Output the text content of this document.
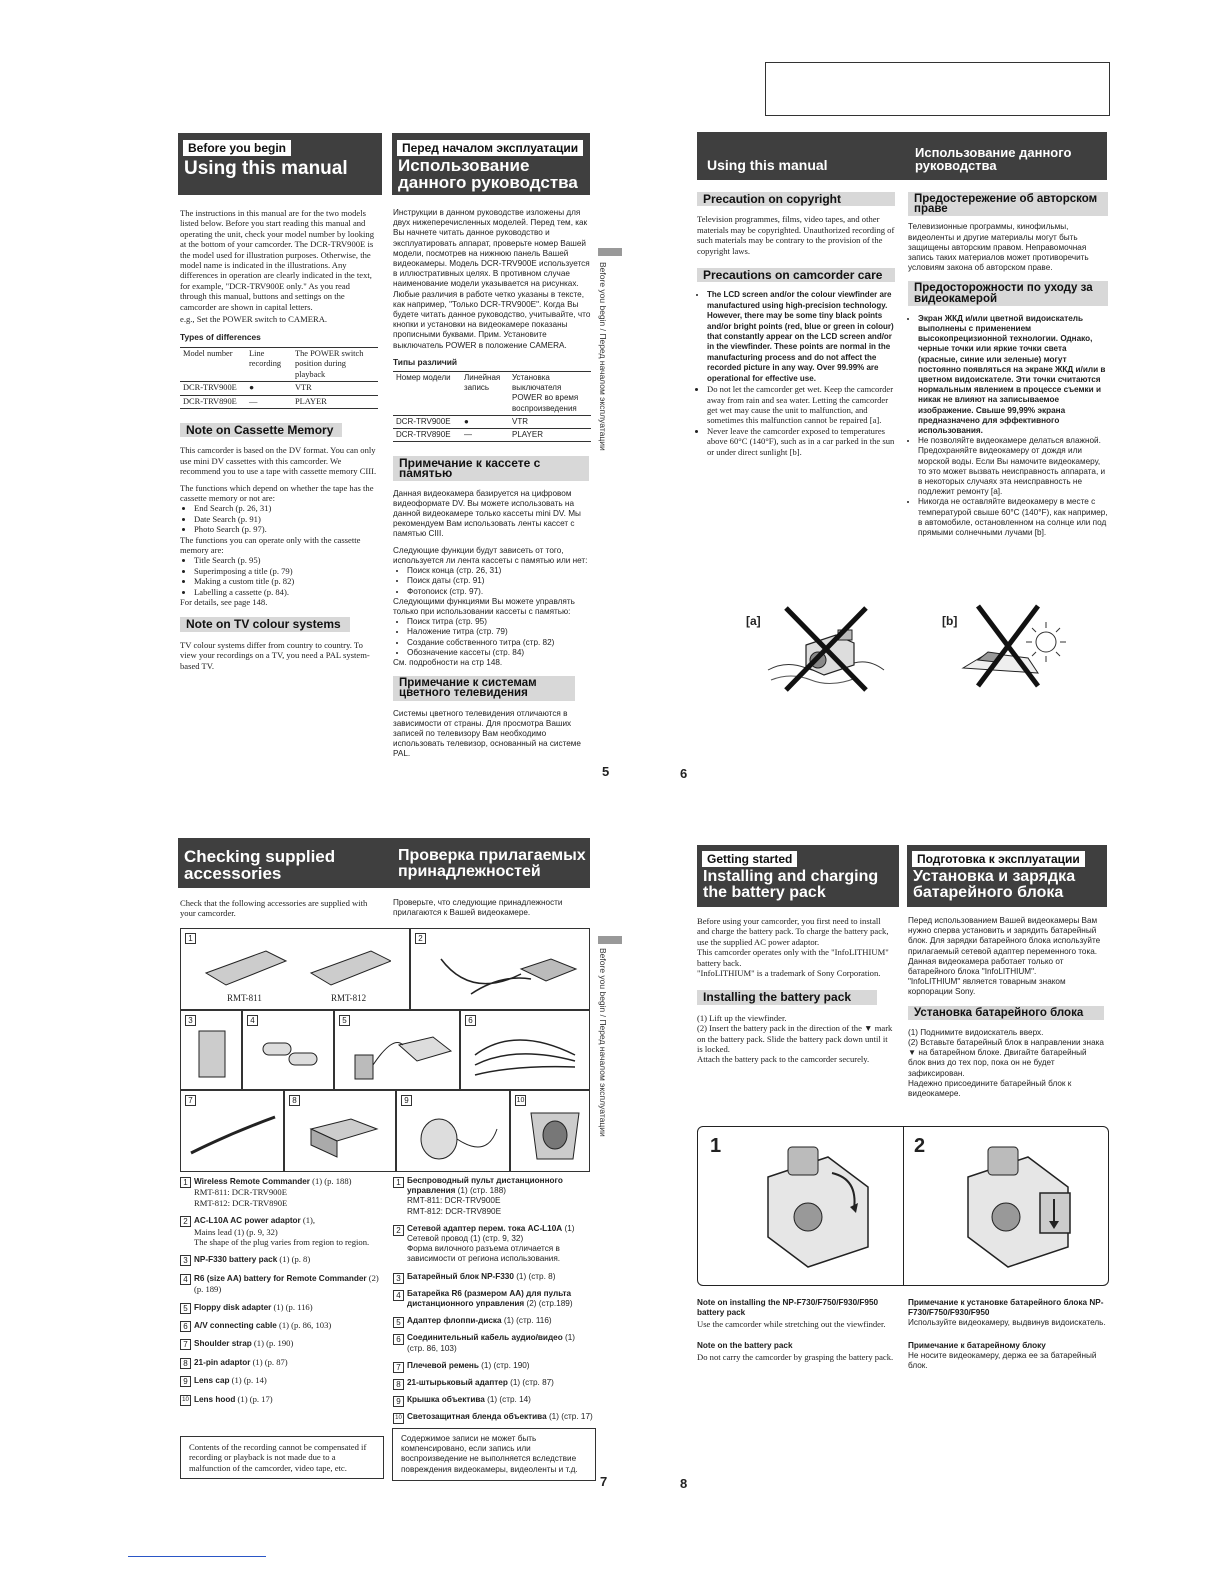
Before you begin
Using this manual
Перед началом эксплуатации
Использование данного руководства

The instructions in this manual are for the two models listed below. Before you start reading this manual and operating the unit, check your model number by looking at the bottom of your camcorder. The DCR-TRV900E is the model used for illustration purposes. Otherwise, the model name is indicated in the illustrations. Any differences in operation are clearly indicated in the text, for example, "DCR-TRV900E only." As you read through this manual, buttons and settings on the camcorder are shown in capital letters.

e.g., Set the POWER switch to CAMERA.

Types of differences
Model number	Line recording	The POWER switch position during playback
DCR-TRV900E	●	VTR
DCR-TRV890E	—	PLAYER
Note on Cassette Memory

This camcorder is based on the DV format. You can only use mini DV cassettes with this camcorder. We recommend you to use a tape with cassette memory CIII.

The functions which depend on whether the tape has the cassette memory or not are:

• End Search (p. 26, 31)
• Date Search (p. 91)
• Photo Search (p. 97).

The functions you can operate only with the cassette memory are:

• Title Search (p. 95)
• Superimposing a title (p. 79)
• Making a custom title (p. 82)
• Labelling a cassette (p. 84).

For details, see page 148.

Note on TV colour systems

TV colour systems differ from country to country. To view your recordings on a TV, you need a PAL system-based TV.

Инструкции в данном руководстве изложены для двух нижеперечисленных моделей. Перед тем, как Вы начнете читать данное руководство и эксплуатировать аппарат, проверьте номер Вашей модели, посмотрев на нижнюю панель Вашей видеокамеры. Модель DCR-TRV900E используется в иллюстративных целях. В противном случае наименование модели указывается на рисунках. Любые различия в работе четко указаны в тексте, как например, "Только DCR-TRV900E". Когда Вы будете читать данное руководство, учитывайте, что кнопки и установки на видеокамере показаны прописными буквами. Прим. Установите выключатель POWER в положение CAMERA.

Типы различий
Номер модели	Линейная запись	Установка выключателя POWER во время воспроизведения
DCR-TRV900E	●	VTR
DCR-TRV890E	—	PLAYER
Примечание к кассете с памятью

Данная видеокамера базируется на цифровом видеоформате DV. Вы можете использовать на данной видеокамере только кассеты mini DV. Мы рекомендуем Вам использовать ленты кассет с памятью CIII.

Следующие функции будут зависеть от того, используется ли лента кассеты с памятью или нет:

• Поиск конца (стр. 26, 31)
• Поиск даты (стр. 91)
• Фотопоиск (стр. 97).

Следующими функциями Вы можете управлять только при использовании кассеты с памятью:

• Поиск титра (стр. 95)
• Наложение титра (стр. 79)
• Создание собственного титра (стр. 82)
• Обозначение кассеты (стр. 84)

См. подробности на стр 148.

Примечание к системам цветного телевидения

Системы цветного телевидения отличаются в зависимости от страны. Для просмотра Ваших записей по телевизору Вам необходимо использовать телевизор, основанный на системе PAL.

Before you begin / Перед началом эксплуатации
5
Using this manual
Использование данного руководства
Precaution on copyright

Television programmes, films, video tapes, and other materials may be copyrighted. Unauthorized recording of such materials may be contrary to the provision of the copyright laws.

Precautions on camcorder care
• The LCD screen and/or the colour viewfinder are manufactured using high-precision technology. However, there may be some tiny black points and/or bright points (red, blue or green in colour) that constantly appear on the LCD screen and/or in the viewfinder. These points are normal in the manufacturing process and do not affect the recorded picture in any way. Over 99.99% are operational for effective use.
• Do not let the camcorder get wet. Keep the camcorder away from rain and sea water. Letting the camcorder get wet may cause the unit to malfunction, and sometimes this malfunction cannot be repaired [a].
• Never leave the camcorder exposed to temperatures above 60°C (140°F), such as in a car parked in the sun or under direct sunlight [b].
Предостережение об авторском праве

Телевизионные программы, кинофильмы, видеоленты и другие материалы могут быть защищены авторским правом. Неправомочная запись таких материалов может противоречить условиям закона об авторском праве.

Предосторожности по уходу за видеокамерой
• Экран ЖКД и/или цветной видоискатель выполнены с применением высокопрецизионной технологии. Однако, черные точки или яркие точки света (красные, синие или зеленые) могут постоянно появляться на экране ЖКД и/или в цветном видоискателе. Эти точки считаются нормальным явлением в процессе съемки и никак не влияют на записываемое изображение. Свыше 99,99% экрана предназначено для эффективного использования.
• Не позволяйте видеокамере делаться влажной. Предохраняйте видеокамеру от дождя или морской воды. Если Вы намочите видеокамеру, то это может вызвать неисправность аппарата, и в некоторых случаях эта неисправность не подлежит ремонту [a].
• Никогда не оставляйте видеокамеру в месте с температурой свыше 60°C (140°F), как например, в автомобиле, остановленном на солнце или под прямыми солнечными лучами [b].
[a]	[b]
6
Checking supplied accessories
Проверка прилагаемых принадлежностей
Check that the following accessories are supplied with your camcorder.
Проверьте, что следующие принадлежности прилагаются к Вашей видеокамере.
1
RMT-811	RMT-812
2
3	4	5	6
7	8	9	10
1 Wireless Remote Commander (1) (p. 188)
RMT-811: DCR-TRV900E
RMT-812: DCR-TRV890E
2 AC-L10A AC power adaptor (1),
Mains lead (1) (p. 9, 32)
The shape of the plug varies from region to region.
3 NP-F330 battery pack (1) (p. 8)
4 R6 (size AA) battery for Remote Commander (2) (p. 189)
5 Floppy disk adapter (1) (p. 116)
6 A/V connecting cable (1) (p. 86, 103)
7 Shoulder strap (1) (p. 190)
8 21-pin adaptor (1) (p. 87)
9 Lens cap (1) (p. 14)
10 Lens hood (1) (p. 17)
1 Беспроводный пульт дистанционного управления (1) (стр. 188)
RMT-811: DCR-TRV900E
RMT-812: DCR-TRV890E
2 Сетевой адаптер перем. тока AC-L10A (1)
Сетевой провод (1) (стр. 9, 32)
Форма вилочного разъема отличается в зависимости от региона использования.
3 Батарейный блок NP-F330 (1) (стр. 8)
4 Батарейка R6 (размером AA) для пульта дистанционного управления (2) (стр.189)
5 Адаптер флоппи-диска (1) (стр. 116)
6 Соединительный кабель аудио/видео (1) (стр. 86, 103)
7 Плечевой ремень (1) (стр. 190)
8 21-штырьковый адаптер (1) (стр. 87)
9 Крышка объектива (1) (стр. 14)
10 Светозащитная бленда объектива (1) (стр. 17)
Contents of the recording cannot be compensated if recording or playback is not made due to a malfunction of the camcorder, video tape, etc.
Содержимое записи не может быть компенсировано, если запись или воспроизведение не выполняется вследствие повреждения видеокамеры, видеоленты и т.д.
Before you begin / Перед началом эксплуатации
7
Getting started
Installing and charging the battery pack
Подготовка к эксплуатации
Установка и зарядка батарейного блока

Before using your camcorder, you first need to install and charge the battery pack. To charge the battery pack, use the supplied AC power adaptor.

This camcorder operates only with the "InfoLITHIUM" battery back.

"InfoLITHIUM" is a trademark of Sony Corporation.

Installing the battery pack

(1) Lift up the viewfinder.

(2) Insert the battery pack in the direction of the ▼ mark on the battery pack. Slide the battery pack down until it is locked.

Attach the battery pack to the camcorder securely.

Перед использованием Вашей видеокамеры Вам нужно сперва установить и зарядить батарейный блок. Для зарядки батарейного блока используйте прилагаемый сетевой адаптер переменного тока.

Данная видеокамера работает только от батарейного блока "InfoLITHIUM".

"InfoLITHIUM" является товарным знаком корпорации Sony.

Установка батарейного блока

(1) Поднимите видоискатель вверх.

(2) Вставьте батарейный блок в направлении знака ▼ на батарейном блоке. Двигайте батарейный блок вниз до тех пор, пока он не будет зафиксирован.

Надежно присоедините батарейный блок к видеокамере.

1	2
Note on installing the NP-F730/F750/F930/F950 battery pack

Use the camcorder while stretching out the viewfinder.

Note on the battery pack

Do not carry the camcorder by grasping the battery pack.

Примечание к установке батарейного блока NP-F730/F750/F930/F950

Используйте видеокамеру, выдвинув видоискатель.

Примечание к батарейному блоку

Не носите видеокамеру, держа ее за батарейный блок.

8
